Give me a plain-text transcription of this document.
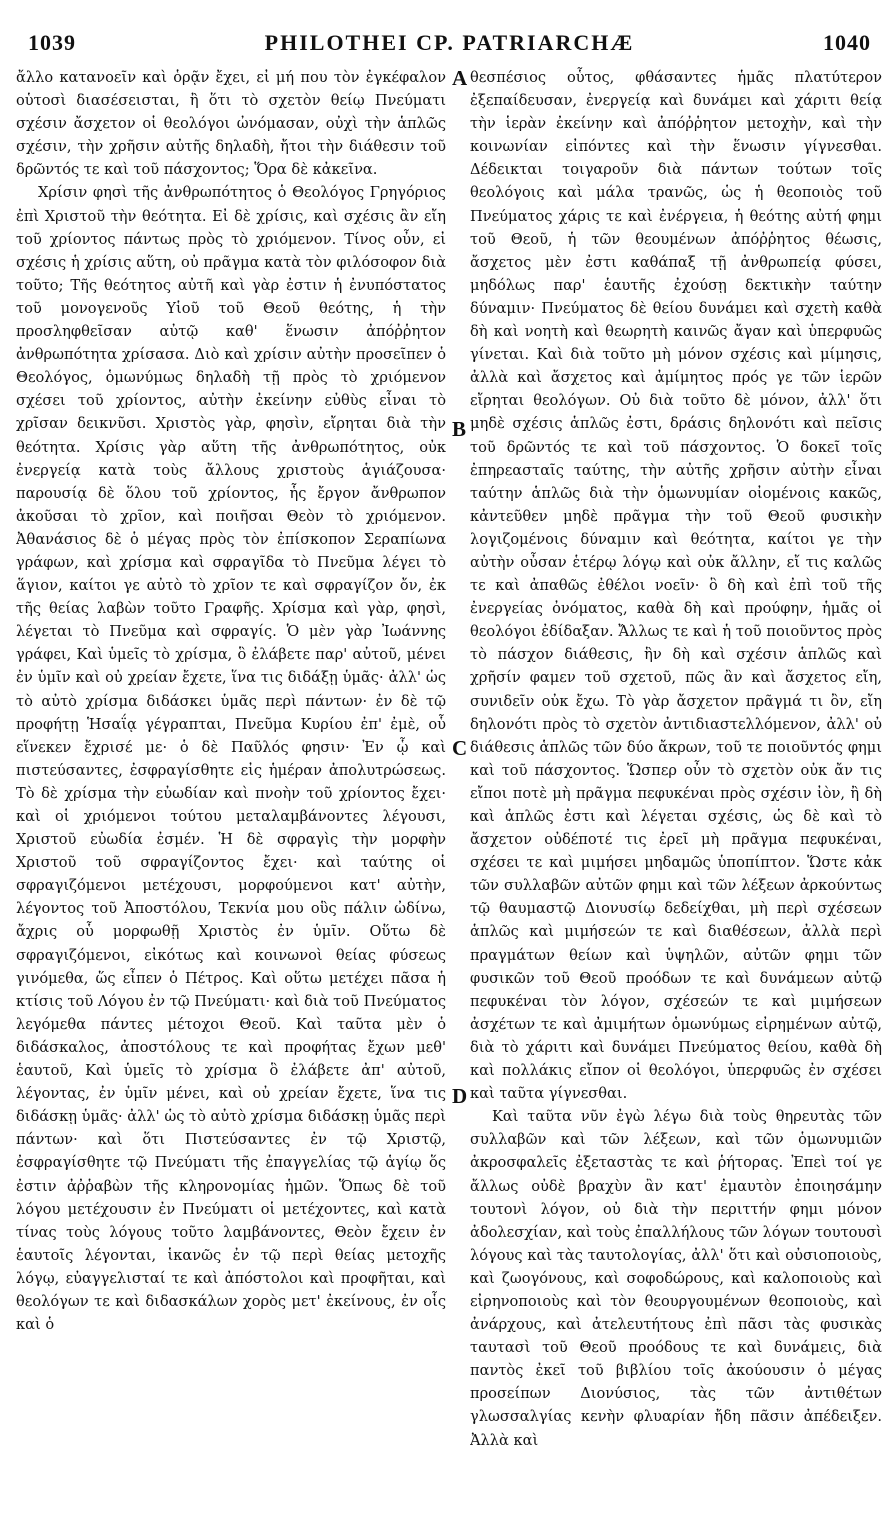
1039	PHILOTHEI CP. PATRIARCHÆ	1040

ἄλλο κατανοεῖν καὶ ὁρᾷν ἔχει, εἰ μή που τὸν ἐγκέφαλον οὑτοσὶ διασέσεισται, ἢ ὅτι τὸ σχετὸν θείῳ Πνεύματι σχέσιν ἄσχετον οἱ θεολόγοι ὠνόμασαν, οὐχὶ τὴν ἁπλῶς σχέσιν, τὴν χρῆσιν αὐτῆς δηλαδὴ, ἤτοι τὴν διάθεσιν τοῦ δρῶντός τε καὶ τοῦ πάσχοντος; Ὅρα δὲ κἀκεῖνα.

Χρίσιν φησὶ τῆς ἀνθρωπότητος ὁ Θεολόγος Γρηγόριος ἐπὶ Χριστοῦ τὴν θεότητα. Εἰ δὲ χρίσις, καὶ σχέσις ἂν εἴη τοῦ χρίοντος πάντως πρὸς τὸ χριόμενον. Τίνος οὖν, εἰ σχέσις ἡ χρίσις αὕτη, οὐ πρᾶγμα κατὰ τὸν φιλόσοφον διὰ τοῦτο; Τῆς θεότητος αὐτῆ καὶ γὰρ ἐστιν ἡ ἐνυπόστατος τοῦ μονογενοῦς Υἱοῦ τοῦ Θεοῦ θεότης, ἡ τὴν προσληφθεῖσαν αὐτῷ καθ' ἕνωσιν ἀπόῤῥητον ἀνθρωπότητα χρίσασα. Διὸ καὶ χρίσιν αὐτὴν προσεῖπεν ὁ Θεολόγος, ὁμωνύμως δηλαδὴ τῇ πρὸς τὸ χριόμενον σχέσει τοῦ χρίοντος, αὐτὴν ἐκείνην εὐθὺς εἶναι τὸ χρῖσαν δεικνῦσι. Χριστὸς γὰρ, φησὶν, εἴρηται διὰ τὴν θεότητα. Χρίσις γὰρ αὕτη τῆς ἀνθρωπότητος, οὐκ ἐνεργείᾳ κατὰ τοὺς ἄλλους χριστοὺς ἁγιάζουσα· παρουσίᾳ δὲ ὅλου τοῦ χρίοντος, ἧς ἔργον ἄνθρωπον ἀκοῦσαι τὸ χρῖον, καὶ ποιῆσαι Θεὸν τὸ χριόμενον. Ἀθανάσιος δὲ ὁ μέγας πρὸς τὸν ἐπίσκοπον Σεραπίωνα γράφων, καὶ χρίσμα καὶ σφραγῖδα τὸ Πνεῦμα λέγει τὸ ἅγιον, καίτοι γε αὐτὸ τὸ χρῖον τε καὶ σφραγίζον ὄν, ἐκ τῆς θείας λαβὼν τοῦτο Γραφῆς. Χρίσμα καὶ γὰρ, φησὶ, λέγεται τὸ Πνεῦμα καὶ σφραγίς. Ὁ μὲν γὰρ Ἰωάννης γράφει, Καὶ ὑμεῖς τὸ χρίσμα, ὃ ἐλάβετε παρ' αὐτοῦ, μένει ἐν ὑμῖν καὶ οὐ χρείαν ἔχετε, ἵνα τις διδάξῃ ὑμᾶς· ἀλλ' ὡς τὸ αὐτὸ χρίσμα διδάσκει ὑμᾶς περὶ πάντων· ἐν δὲ τῷ προφήτῃ Ἡσαΐᾳ γέγραπται, Πνεῦμα Κυρίου ἐπ' ἐμὲ, οὗ εἵνεκεν ἔχρισέ με· ὁ δὲ Παῦλός φησιν· Ἐν ᾧ καὶ πιστεύσαντες, ἐσφραγίσθητε εἰς ἡμέραν ἀπολυτρώσεως. Τὸ δὲ χρίσμα τὴν εὐωδίαν καὶ πνοὴν τοῦ χρίοντος ἔχει· καὶ οἱ χριόμενοι τούτου μεταλαμβάνοντες λέγουσι, Χριστοῦ εὐωδία ἐσμέν. Ἡ δὲ σφραγὶς τὴν μορφὴν Χριστοῦ τοῦ σφραγίζοντος ἔχει· καὶ ταύτης οἱ σφραγιζόμενοι μετέχουσι, μορφούμενοι κατ' αὐτὴν, λέγοντος τοῦ Ἀποστόλου, Τεκνία μου οὓς πάλιν ὠδίνω, ἄχρις οὗ μορφωθῇ Χριστὸς ἐν ὑμῖν. Οὕτω δὲ σφραγιζόμενοι, εἰκότως καὶ κοινωνοὶ θείας φύσεως γινόμεθα, ὥς εἶπεν ὁ Πέτρος. Καὶ οὕτω μετέχει πᾶσα ἡ κτίσις τοῦ Λόγου ἐν τῷ Πνεύματι· καὶ διὰ τοῦ Πνεύματος λεγόμεθα πάντες μέτοχοι Θεοῦ. Καὶ ταῦτα μὲν ὁ διδάσκαλος, ἀποστόλους τε καὶ προφήτας ἔχων μεθ' ἑαυτοῦ, Καὶ ὑμεῖς τὸ χρίσμα ὃ ἐλάβετε ἀπ' αὐτοῦ, λέγοντας, ἐν ὑμῖν μένει, καὶ οὐ χρείαν ἔχετε, ἵνα τις διδάσκῃ ὑμᾶς· ἀλλ' ὡς τὸ αὐτὸ χρίσμα διδάσκῃ ὑμᾶς περὶ πάντων· καὶ ὅτι Πιστεύσαντες ἐν τῷ Χριστῷ, ἐσφραγίσθητε τῷ Πνεύματι τῆς ἐπαγγελίας τῷ ἁγίῳ ὅς ἐστιν ἀῤῥαβὼν τῆς κληρονομίας ἡμῶν. Ὅπως δὲ τοῦ λόγου μετέχουσιν ἐν Πνεύματι οἱ μετέχοντες, καὶ κατὰ τίνας τοὺς λόγους τοῦτο λαμβάνοντες, Θεὸν ἔχειν ἐν ἑαυτοῖς λέγονται, ἱκανῶς ἐν τῷ περὶ θείας μετοχῆς λόγῳ, εὐαγγελισταί τε καὶ ἀπόστολοι καὶ προφῆται, καὶ θεολόγων τε καὶ διδασκάλων χορὸς μετ' ἐκείνους, ἐν οἷς καὶ ὁ

A
B
C
D

θεσπέσιος οὗτος, φθάσαντες ἡμᾶς πλατύτερον ἐξεπαίδευσαν, ἐνεργείᾳ καὶ δυνάμει καὶ χάριτι θείᾳ τὴν ἱερὰν ἐκείνην καὶ ἀπόῤῥητον μετοχὴν, καὶ τὴν κοινωνίαν εἰπόντες καὶ τὴν ἕνωσιν γίγνεσθαι. Δέδεικται τοιγαροῦν διὰ πάντων τούτων τοῖς θεολόγοις καὶ μάλα τρανῶς, ὡς ἡ θεοποιὸς τοῦ Πνεύματος χάρις τε καὶ ἐνέργεια, ἡ θεότης αὐτή φημι τοῦ Θεοῦ, ἡ τῶν θεουμένων ἀπόῤῥητος θέωσις, ἄσχετος μὲν ἐστι καθάπαξ τῇ ἀνθρωπείᾳ φύσει, μηδόλως παρ' ἑαυτῆς ἐχούσῃ δεκτικὴν ταύτην δύναμιν· Πνεύματος δὲ θείου δυνάμει καὶ σχετὴ καθὰ δὴ καὶ νοητὴ καὶ θεωρητὴ καινῶς ἄγαν καὶ ὑπερφυῶς γίνεται. Καὶ διὰ τοῦτο μὴ μόνον σχέσις καὶ μίμησις, ἀλλὰ καὶ ἄσχετος καὶ ἀμίμητος πρός γε τῶν ἱερῶν εἴρηται θεολόγων. Οὐ διὰ τοῦτο δὲ μόνον, ἀλλ' ὅτι μηδὲ σχέσις ἁπλῶς ἐστι, δράσις δηλονότι καὶ πεῖσις τοῦ δρῶντός τε καὶ τοῦ πάσχοντος. Ὁ δοκεῖ τοῖς ἐπηρεασταῖς ταύτης, τὴν αὐτῆς χρῆσιν αὐτὴν εἶναι ταύτην ἁπλῶς διὰ τὴν ὁμωνυμίαν οἰομένοις κακῶς, κἀντεῦθεν μηδὲ πρᾶγμα τὴν τοῦ Θεοῦ φυσικὴν λογιζομένοις δύναμιν καὶ θεότητα, καίτοι γε τὴν αὐτὴν οὖσαν ἑτέρῳ λόγῳ καὶ οὐκ ἄλλην, εἴ τις καλῶς τε καὶ ἀπαθῶς ἐθέλοι νοεῖν· ὃ δὴ καὶ ἐπὶ τοῦ τῆς ἐνεργείας ὀνόματος, καθὰ δὴ καὶ προύφην, ἡμᾶς οἱ θεολόγοι ἐδίδαξαν. Ἄλλως τε καὶ ἡ τοῦ ποιοῦντος πρὸς τὸ πάσχον διάθεσις, ἣν δὴ καὶ σχέσιν ἁπλῶς καὶ χρῆσίν φαμεν τοῦ σχετοῦ, πῶς ἂν καὶ ἄσχετος εἴη, συνιδεῖν οὐκ ἔχω. Τὸ γὰρ ἄσχετον πρᾶγμά τι ὂν, εἴη δηλονότι πρὸς τὸ σχετὸν ἀντιδιαστελλόμενον, ἀλλ' οὐ διάθεσις ἁπλῶς τῶν δύο ἄκρων, τοῦ τε ποιοῦντός φημι καὶ τοῦ πάσχοντος. Ὥσπερ οὖν τὸ σχετὸν οὐκ ἄν τις εἴποι ποτὲ μὴ πρᾶγμα πεφυκέναι πρὸς σχέσιν ἰὸν, ἢ δὴ καὶ ἁπλῶς ἐστι καὶ λέγεται σχέσις, ὡς δὲ καὶ τὸ ἄσχετον οὐδέποτέ τις ἐρεῖ μὴ πρᾶγμα πεφυκέναι, σχέσει τε καὶ μιμήσει μηδαμῶς ὑποπίπτον. Ὥστε κἀκ τῶν συλλαβῶν αὐτῶν φημι καὶ τῶν λέξεων ἀρκούντως τῷ θαυμαστῷ Διονυσίῳ δεδείχθαι, μὴ περὶ σχέσεων ἁπλῶς καὶ μιμήσεών τε καὶ διαθέσεων, ἀλλὰ περὶ πραγμάτων θείων καὶ ὑψηλῶν, αὐτῶν φημι τῶν φυσικῶν τοῦ Θεοῦ προόδων τε καὶ δυνάμεων αὐτῷ πεφυκέναι τὸν λόγον, σχέσεών τε καὶ μιμήσεων ἀσχέτων τε καὶ ἀμιμήτων ὁμωνύμως εἰρημένων αὐτῷ, διὰ τὸ χάριτι καὶ δυνάμει Πνεύματος θείου, καθὰ δὴ καὶ πολλάκις εἴπον οἱ θεολόγοι, ὑπερφυῶς ἐν σχέσει καὶ ταῦτα γίγνεσθαι.

Καὶ ταῦτα νῦν ἐγὼ λέγω διὰ τοὺς θηρευτὰς τῶν συλλαβῶν καὶ τῶν λέξεων, καὶ τῶν ὁμωνυμιῶν ἀκροσφαλεῖς ἐξεταστὰς τε καὶ ῥήτορας. Ἐπεὶ τοί γε ἄλλως οὐδὲ βραχὺν ἂν κατ' ἐμαυτὸν ἐποιησάμην τουτονὶ λόγον, οὐ διὰ τὴν περιττήν φημι μόνον ἀδολεσχίαν, καὶ τοὺς ἐπαλλήλους τῶν λόγων τουτουσὶ λόγους καὶ τὰς ταυτολογίας, ἀλλ' ὅτι καὶ οὐσιοποιοὺς, καὶ ζωογόνους, καὶ σοφοδώρους, καὶ καλοποιοὺς καὶ εἰρηνοποιοὺς καὶ τὸν θεουργουμένων θεοποιοὺς, καὶ ἀνάρχους, καὶ ἀτελευτήτους ἐπὶ πᾶσι τὰς φυσικὰς ταυτασὶ τοῦ Θεοῦ προόδους τε καὶ δυνάμεις, διὰ παντὸς ἐκεῖ τοῦ βιβλίου τοῖς ἀκούουσιν ὁ μέγας προσείπων Διονύσιος, τὰς τῶν ἀντιθέτων γλωσσαλγίας κενὴν φλυαρίαν ἤδη πᾶσιν ἀπέδειξεν. Ἀλλὰ καὶ
